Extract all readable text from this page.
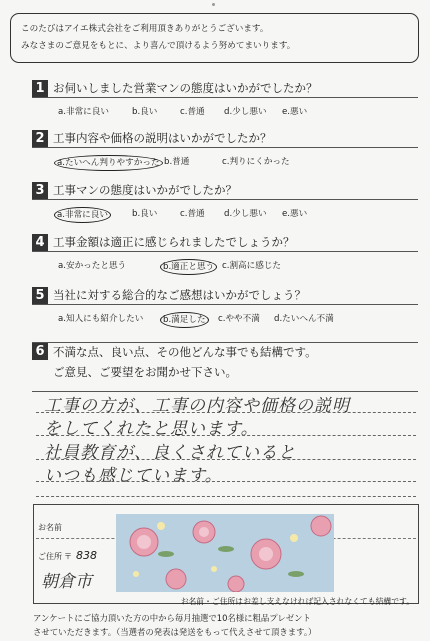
このたびはアイエ株式会社をご利用頂きありがとうございます。
みなさまのご意見をもとに、より喜んで頂けるよう努めてまいります。
1 お伺いしました営業マンの態度はいかがでしたか？
a.非常に良い	b.良い	c.普通 d.少し悪い e.悪い
2 工事内容や価格の説明はいかがでしたか？
a.たいへん判りやすかった b.普通	c.判りにくかった
3 工事マンの態度はいかがでしたか？
a.非常に良い	b.良い	c.普通 d.少し悪い e.悪い
4 工事金額は適正に感じられましたでしょうか？
a.安かったと思う	b.適正と思う c.割高に感じた
5 当社に対する総合的なご感想はいかがでしょう？
a.知人にも紹介したい	b.満足した	c.やや不満 d.たいへん不満
6 不満な点、良い点、その他どんな事でも結構です。
ご意見、ご要望をお聞かせ下さい。
工事の方が、工事の内容や価格の説明
をしてくれたと思います。
社員教育が、良くされていると
いつも感じています。
お名前
ご住所 〒 838
朝倉市
お名前・ご住所はお差し支えなければ記入されなくても結構です。
アンケートにご協力頂いた方の中から毎月抽選で10名様に粗品プレゼント
させていただきます。（当選者の発表は発送をもって代えさせて頂きます。）
